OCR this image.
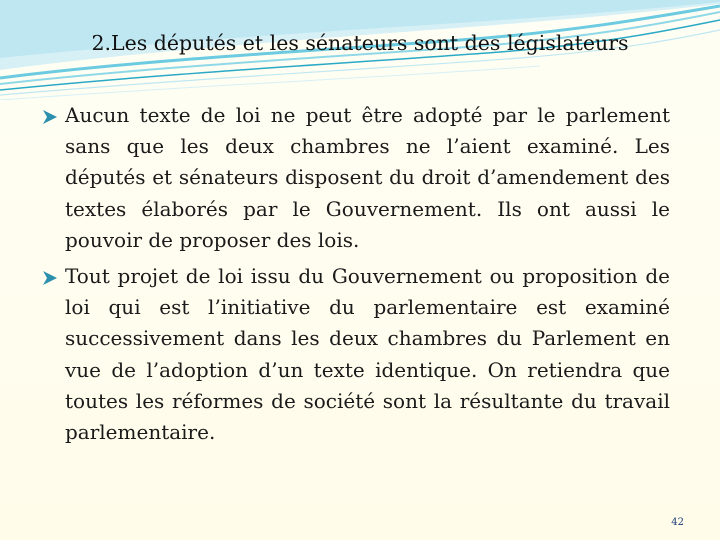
2.Les députés et les sénateurs sont des législateurs
Aucun texte de loi ne peut être adopté par le parlement sans que les deux chambres ne l’aient examiné. Les députés et sénateurs disposent du droit d’amendement des textes élaborés par le Gouvernement. Ils ont aussi le pouvoir de proposer des lois.
Tout projet de loi issu du Gouvernement ou proposition de loi qui est l’initiative du parlementaire est examiné successivement dans les deux chambres du Parlement en vue de l’adoption d’un texte identique. On retiendra que toutes les réformes de société sont la résultante du travail parlementaire.
42
